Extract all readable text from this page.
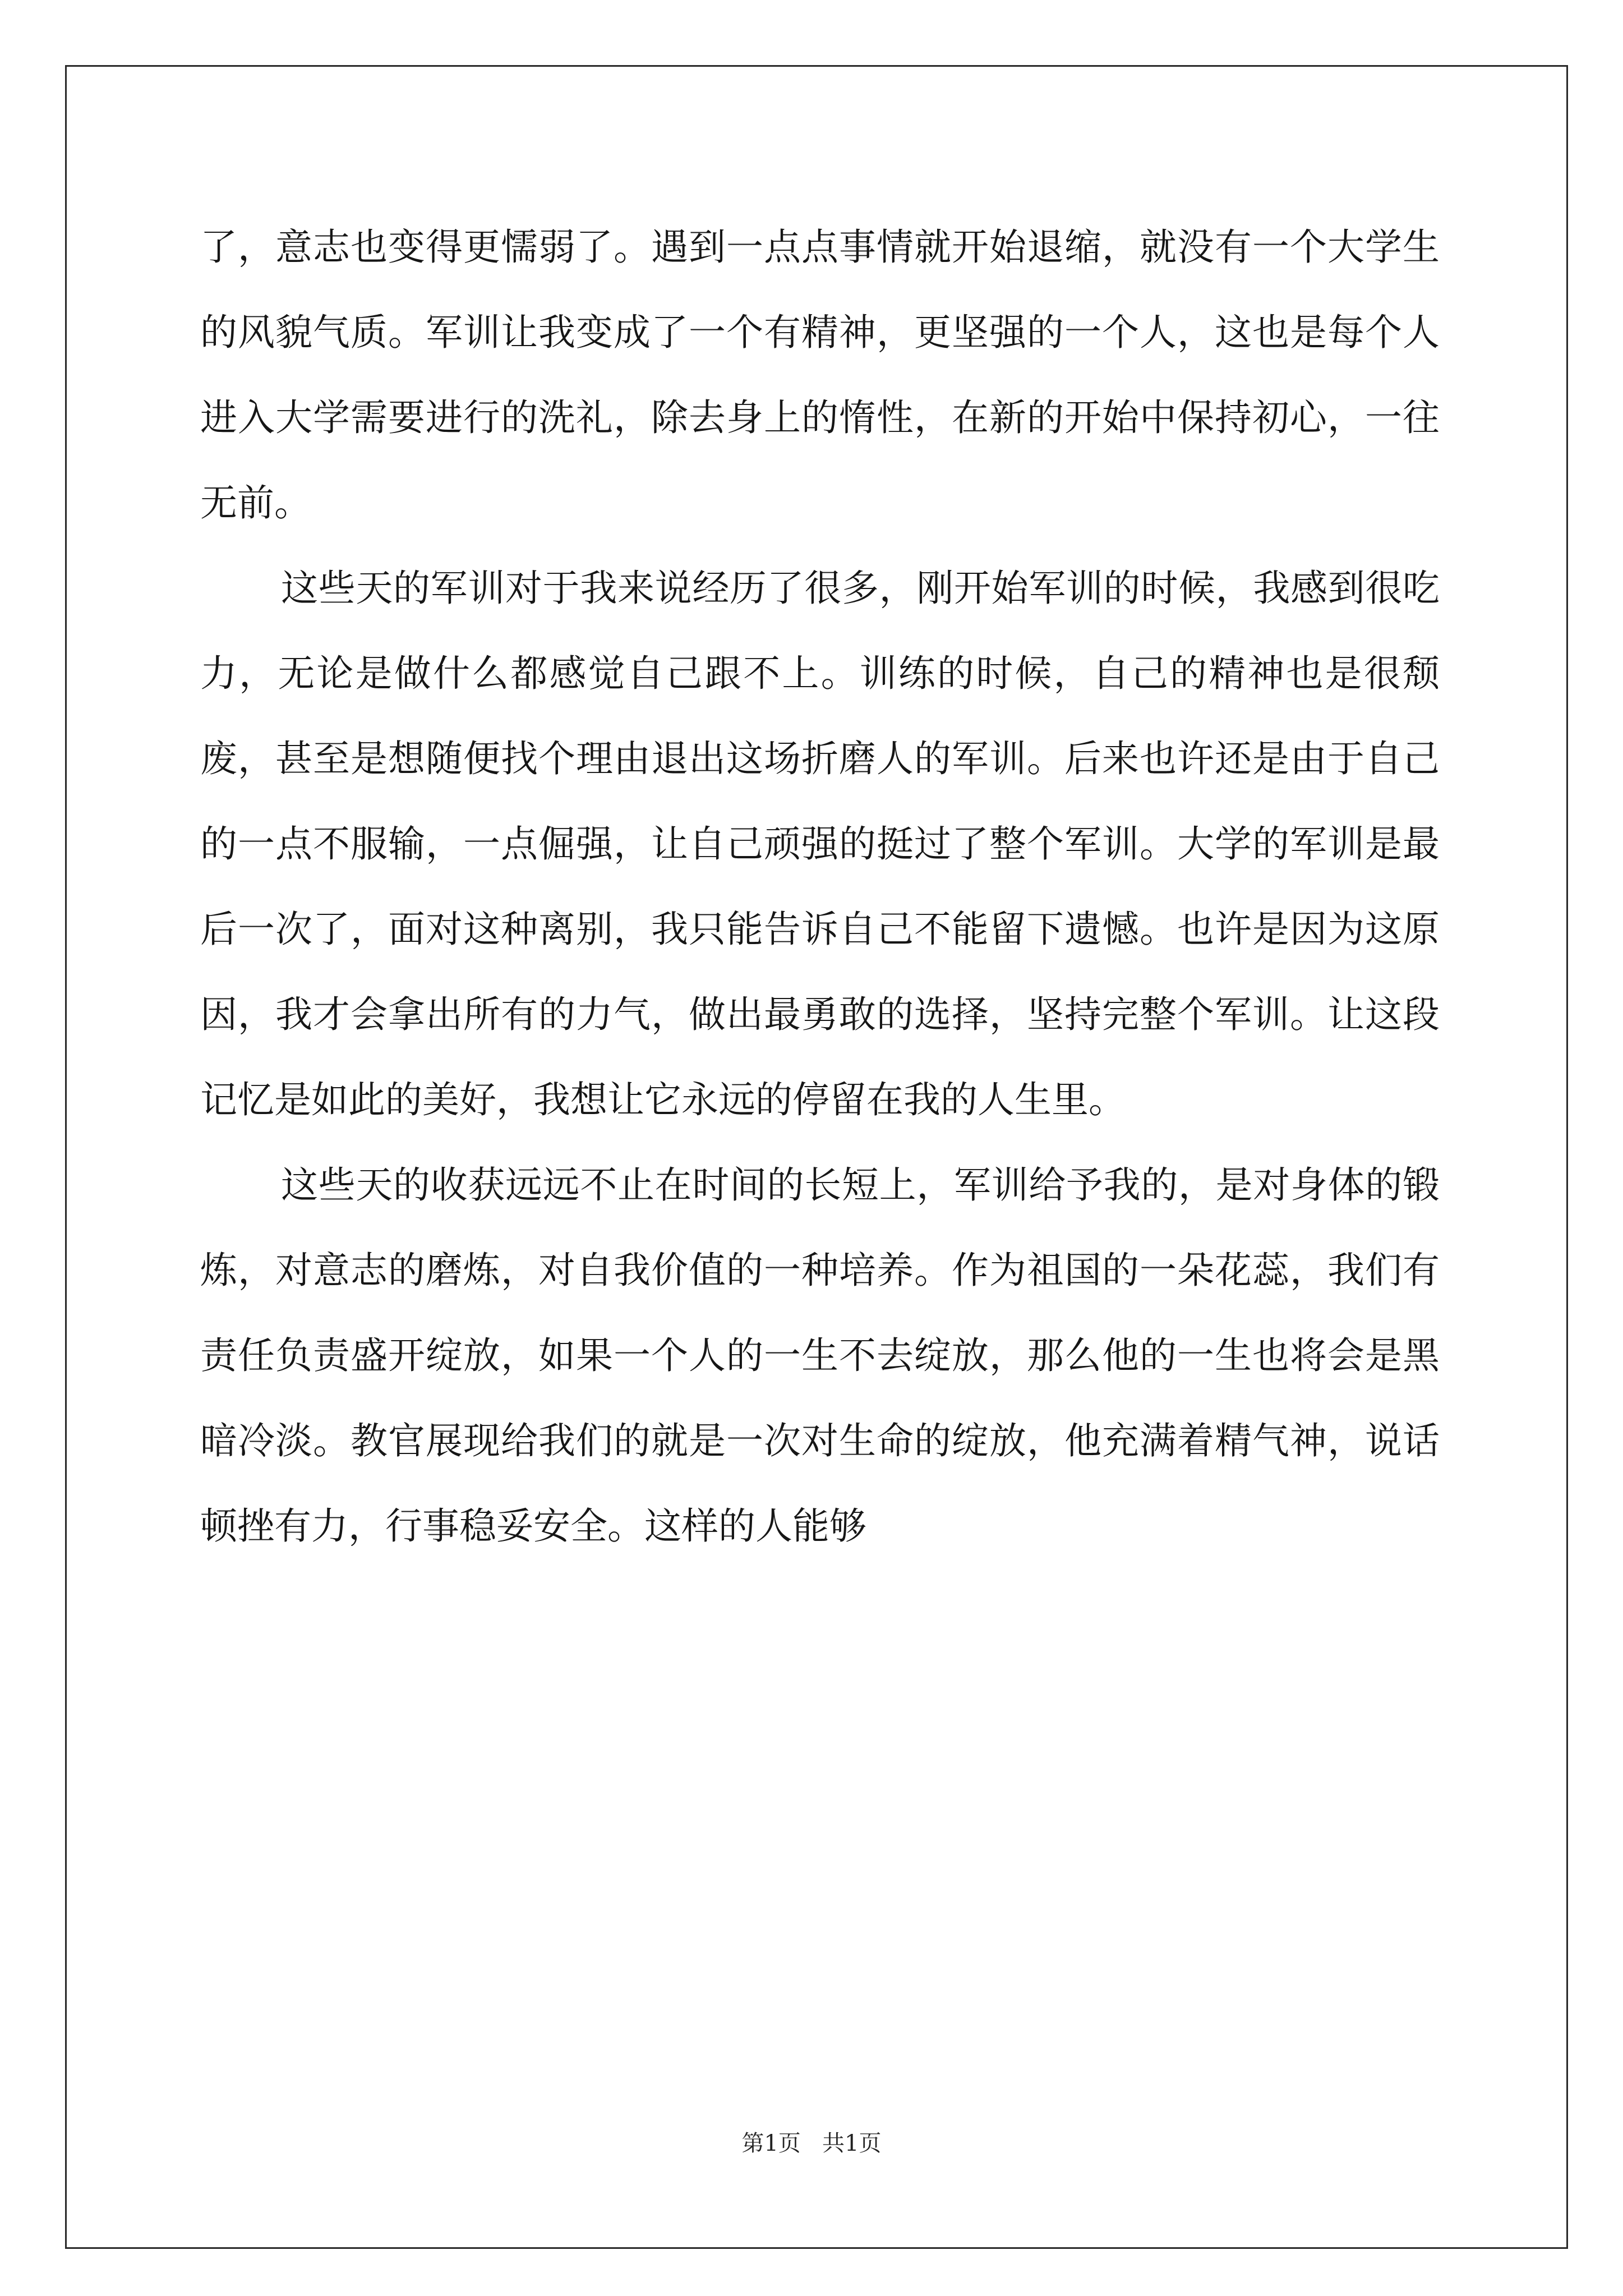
了，意志也变得更懦弱了。遇到一点点事情就开始退缩，就没有一个大学生的风貌气质。军训让我变成了一个有精神，更坚强的一个人，这也是每个人进入大学需要进行的洗礼，除去身上的惰性，在新的开始中保持初心，一往无前。

这些天的军训对于我来说经历了很多，刚开始军训的时候，我感到很吃力，无论是做什么都感觉自己跟不上。训练的时候，自己的精神也是很颓废，甚至是想随便找个理由退出这场折磨人的军训。后来也许还是由于自己的一点不服输，一点倔强，让自己顽强的挺过了整个军训。大学的军训是最后一次了，面对这种离别，我只能告诉自己不能留下遗憾。也许是因为这原因，我才会拿出所有的力气，做出最勇敢的选择，坚持完整个军训。让这段记忆是如此的美好，我想让它永远的停留在我的人生里。

这些天的收获远远不止在时间的长短上，军训给予我的，是对身体的锻炼，对意志的磨炼，对自我价值的一种培养。作为祖国的一朵花蕊，我们有责任负责盛开绽放，如果一个人的一生不去绽放，那么他的一生也将会是黑暗冷淡。教官展现给我们的就是一次对生命的绽放，他充满着精气神，说话顿挫有力，行事稳妥安全。这样的人能够

第1页   共1页
